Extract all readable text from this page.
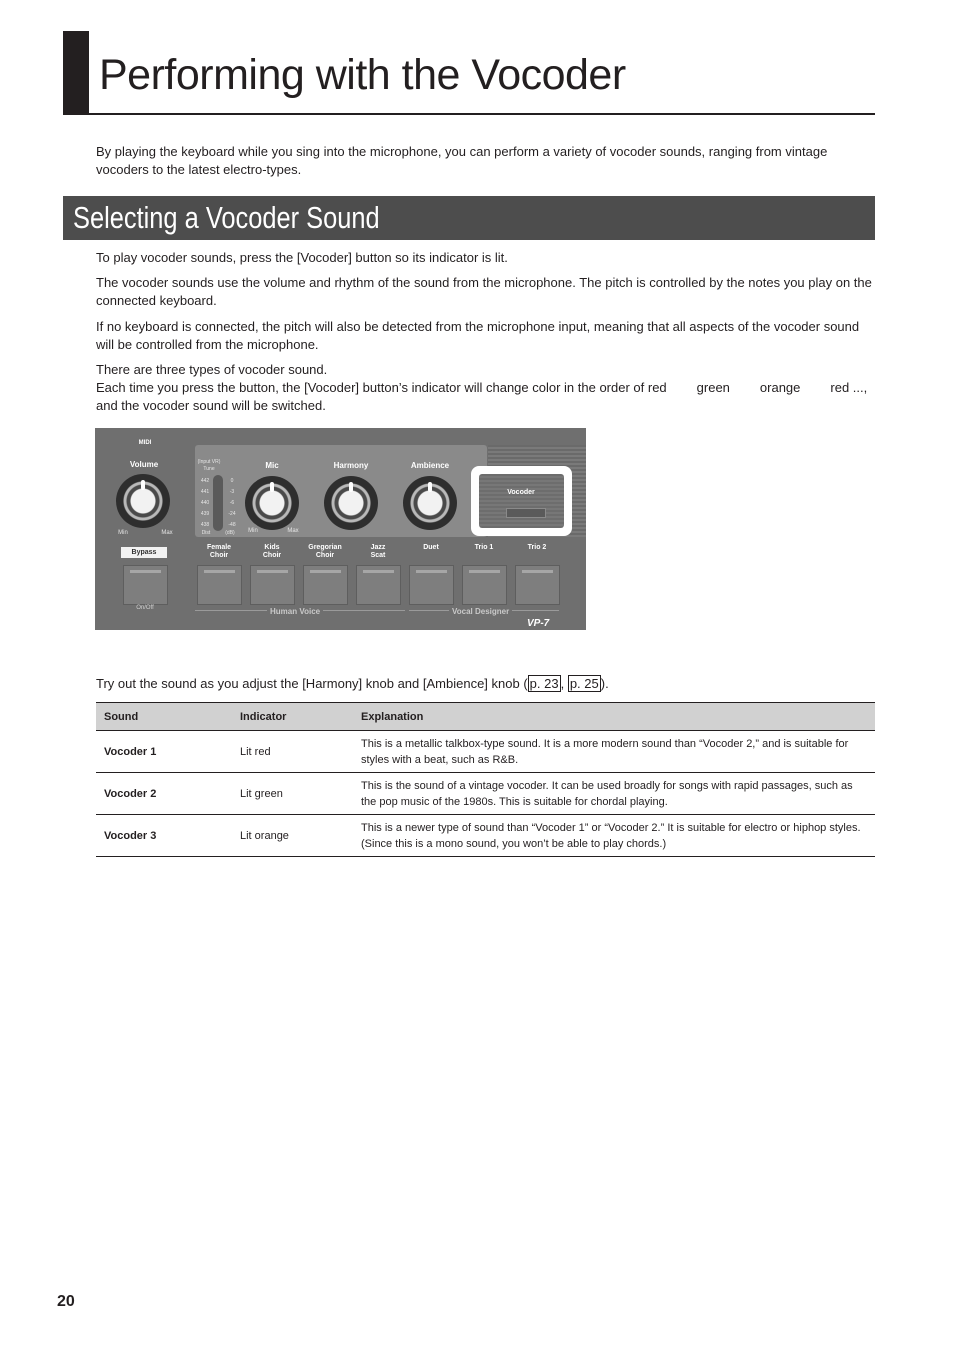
Performing with the Vocoder

By playing the keyboard while you sing into the microphone, you can perform a variety of vocoder sounds, ranging from vintage vocoders to the latest electro-types.

Selecting a Vocoder Sound

To play vocoder sounds, press the [Vocoder] button so its indicator is lit.

The vocoder sounds use the volume and rhythm of the sound from the microphone. The pitch is controlled by the notes you play on the connected keyboard.

If no keyboard is connected, the pitch will also be detected from the microphone input, meaning that all aspects of the vocoder sound will be controlled from the microphone.

There are three types of vocoder sound.
Each time you press the button, the [Vocoder] button’s indicator will change color in the order of red green orange red ...,
and the vocoder sound will be switched.
MIDI
Volume
Min	Max
(Input VR)
Tune
442
441
440
439
438
0
-3
-6
-24
-48
Dist	(dB)
Mic
Min	Max
Harmony	Ambience
Vocoder
Bypass
On/Off
Female
Choir
Kids
Choir
Gregorian
Choir
Jazz
Scat
Duet	Trio 1	Trio 2
Human Voice	Vocal Designer
VP-7
Try out the sound as you adjust the [Harmony] knob and [Ambience] knob ( p. 23 , p. 25 ).
Sound	Indicator	Explanation
Vocoder 1	Lit red	This is a metallic talkbox-type sound. It is a more modern sound than “Vocoder 2,” and is suitable for styles with a beat, such as R&B.
Vocoder 2	Lit green	This is the sound of a vintage vocoder. It can be used broadly for songs with rapid passages, such as the pop music of the 1980s. This is suitable for chordal playing.
Vocoder 3	Lit orange	This is a newer type of sound than “Vocoder 1” or “Vocoder 2.” It is suitable for electro or hiphop styles. (Since this is a mono sound, you won’t be able to play chords.)
20
